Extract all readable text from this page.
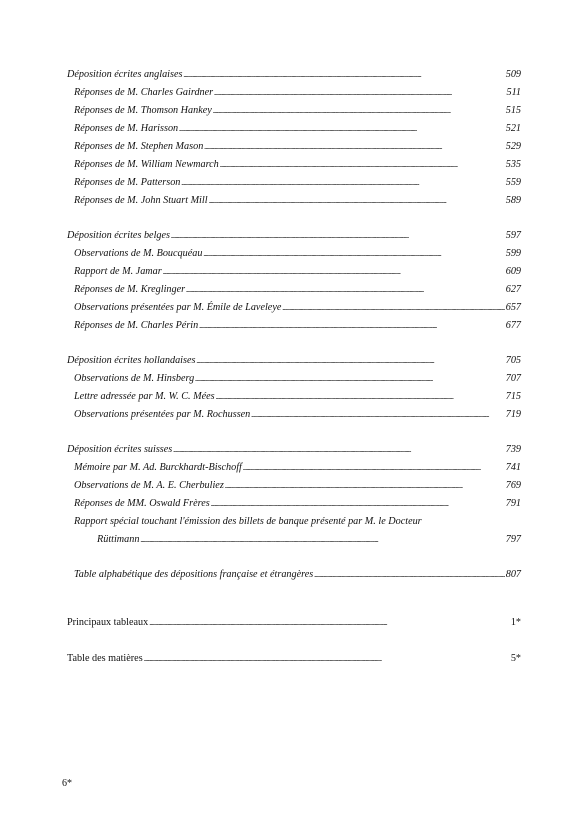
Déposition écrites anglaises . . .	509
Réponses de M. Charles Gairdner . . .	511
Réponses de M. Thomson Hankey . . .	515
Réponses de M. Harisson . . .	521
Réponses de M. Stephen Mason . . .	529
Réponses de M. William Newmarch . . .	535
Réponses de M. Patterson . . .	559
Réponses de M. John Stuart Mill . . .	589
Déposition écrites belges . . .	597
Observations de M. Boucquéau . . .	599
Rapport de M. Jamar . . .	609
Réponses de M. Kreglinger . . .	627
Observations présentées par M. Émile de Laveleye . . .	657
Réponses de M. Charles Périn . . .	677
Déposition écrites hollandaises . . .	705
Observations de M. Hinsberg . . .	707
Lettre adressée par M. W. C. Mées . . .	715
Observations présentées par M. Rochussen . . .	719
Déposition écrites suisses . . .	739
Mémoire par M. Ad. Burckhardt-Bischoff . . .	741
Observations de M. A. E. Cherbuliez . . .	769
Réponses de MM. Oswald Frères . . .	791
Rapport spécial touchant l'émission des billets de banque présenté par M. le Docteur
Rüttimann . . .	797
Table alphabétique des dépositions française et étrangères . . .	807
Principaux tableaux . . .	1*
Table des matières . . .	5*
6*
